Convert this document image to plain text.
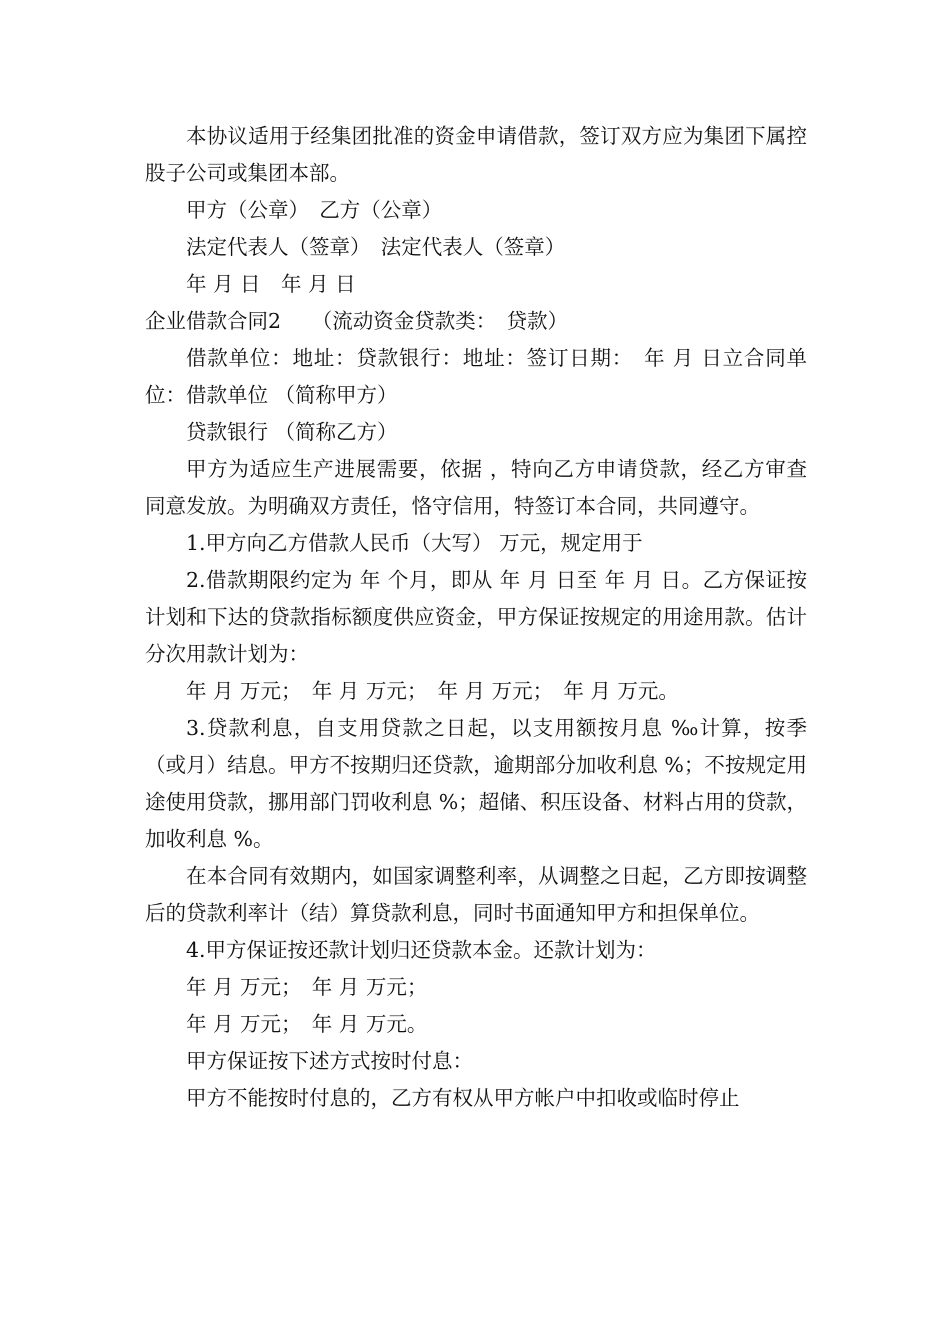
本协议适用于经集团批准的资金申请借款，签订双方应为集团下属控股子公司或集团本部。

甲方（公章）　乙方（公章）

法定代表人（签章）　法定代表人（签章）

年 月 日　年 月 日

企业借款合同2　　（流动资金贷款类：　贷款）

借款单位：地址：贷款银行：地址：签订日期：　年 月 日立合同单位：借款单位 （简称甲方）

贷款银行 （简称乙方）

甲方为适应生产进展需要，依据 ，特向乙方申请贷款，经乙方审查同意发放。为明确双方责任，恪守信用，特签订本合同，共同遵守。

1.甲方向乙方借款人民币（大写） 万元，规定用于

2.借款期限约定为 年 个月，即从 年 月 日至 年 月 日。乙方保证按计划和下达的贷款指标额度供应资金，甲方保证按规定的用途用款。估计分次用款计划为：

年 月 万元；　年 月 万元；　年 月 万元；　年 月 万元。

3.贷款利息，自支用贷款之日起，以支用额按月息 ‰计算，按季（或月）结息。甲方不按期归还贷款，逾期部分加收利息 %；不按规定用途使用贷款，挪用部门罚收利息 %；超储、积压设备、材料占用的贷款，加收利息 %。

在本合同有效期内，如国家调整利率，从调整之日起，乙方即按调整后的贷款利率计（结）算贷款利息，同时书面通知甲方和担保单位。

4.甲方保证按还款计划归还贷款本金。还款计划为：

年 月 万元；　年 月 万元；

年 月 万元；　年 月 万元。

甲方保证按下述方式按时付息：

甲方不能按时付息的，乙方有权从甲方帐户中扣收或临时停止
